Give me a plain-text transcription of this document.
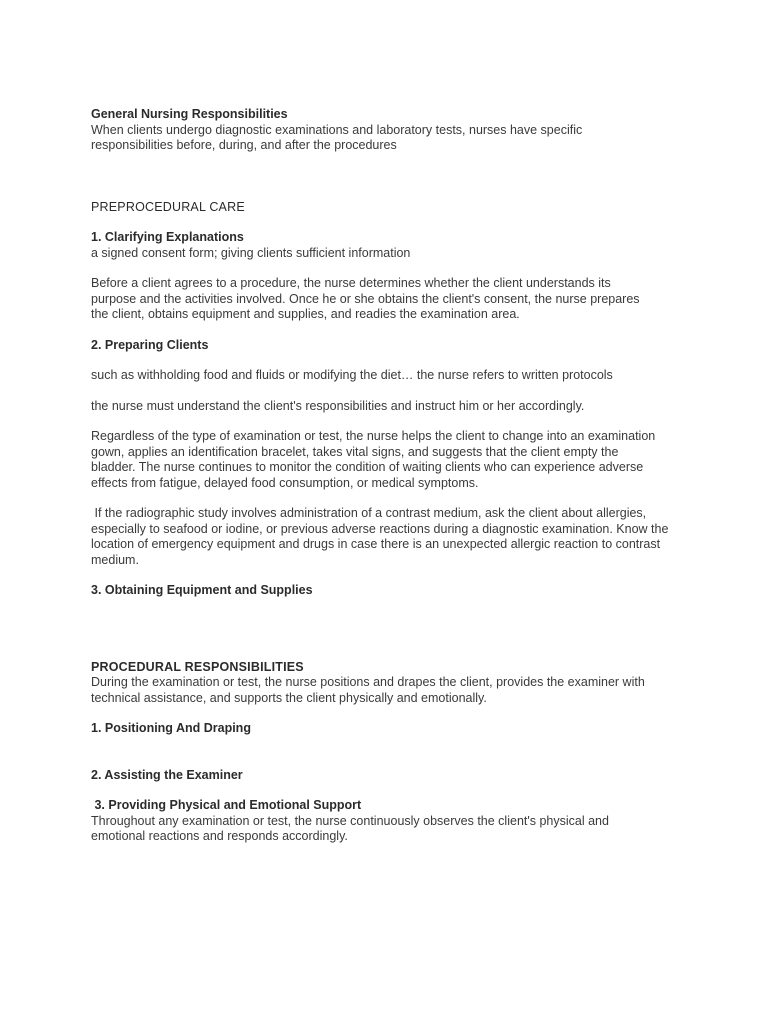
General Nursing Responsibilities

When clients undergo diagnostic examinations and laboratory tests, nurses have specific responsibilities before, during, and after the procedures

PREPROCEDURAL CARE

1. Clarifying Explanations

a signed consent form; giving clients sufficient information

Before a client agrees to a procedure, the nurse determines whether the client understands its purpose and the activities involved. Once he or she obtains the client's consent, the nurse prepares the client, obtains equipment and supplies, and readies the examination area.

2. Preparing Clients

such as withholding food and fluids or modifying the diet… the nurse refers to written protocols

the nurse must understand the client's responsibilities and instruct him or her accordingly.

Regardless of the type of examination or test, the nurse helps the client to change into an examination gown, applies an identification bracelet, takes vital signs, and suggests that the client empty the bladder. The nurse continues to monitor the condition of waiting clients who can experience adverse effects from fatigue, delayed food consumption, or medical symptoms.

If the radiographic study involves administration of a contrast medium, ask the client about allergies, especially to seafood or iodine, or previous adverse reactions during a diagnostic examination. Know the location of emergency equipment and drugs in case there is an unexpected allergic reaction to contrast medium.

3. Obtaining Equipment and Supplies

PROCEDURAL RESPONSIBILITIES

During the examination or test, the nurse positions and drapes the client, provides the examiner with technical assistance, and supports the client physically and emotionally.

1. Positioning And Draping

2. Assisting the Examiner

3. Providing Physical and Emotional Support

Throughout any examination or test, the nurse continuously observes the client's physical and emotional reactions and responds accordingly.
